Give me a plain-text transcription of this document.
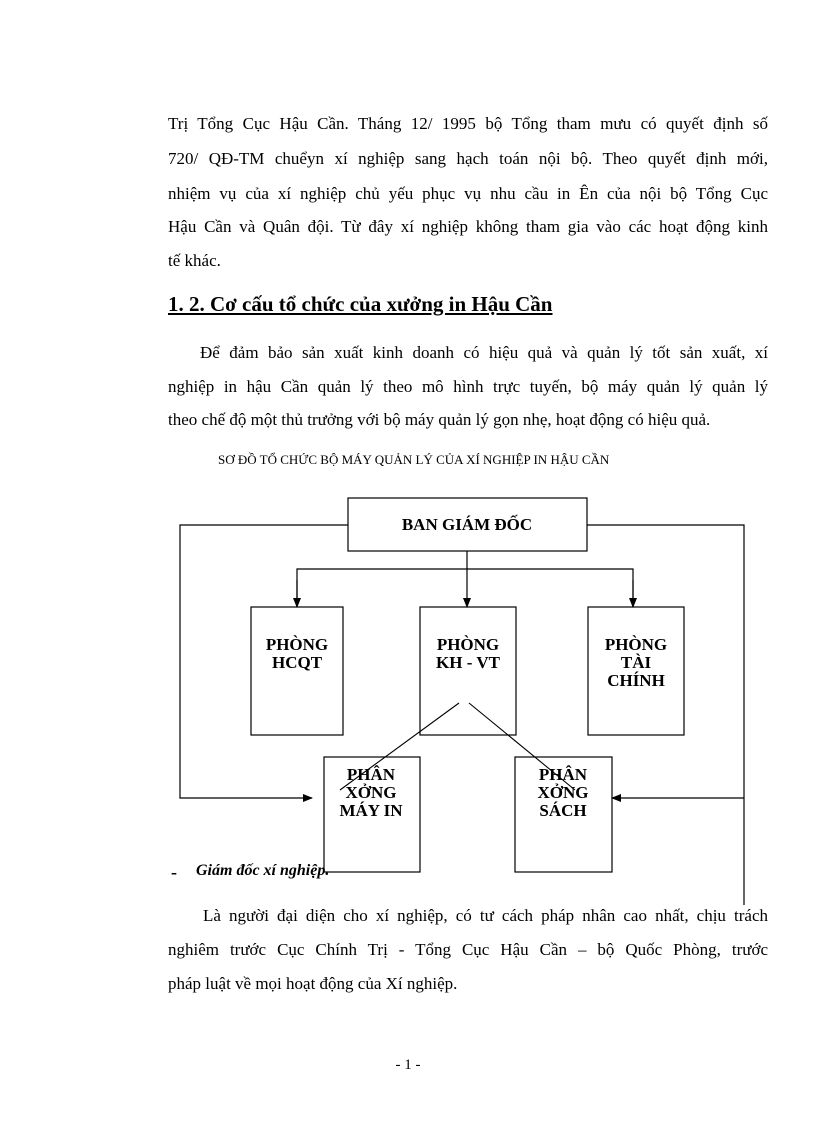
Trị Tổng Cục Hậu Cần. Tháng 12/ 1995 bộ Tổng tham mưu có quyết định số
720/ QĐ-TM chuểyn xí nghiệp sang hạch toán nội bộ. Theo quyết định mới,
nhiệm vụ của xí nghiệp chủ yếu phục vụ nhu cầu in Ên của nội bộ Tổng Cục
Hậu Cần và Quân đội. Từ đây xí nghiệp không tham gia vào các hoạt động kinh
tế khác.
1. 2. Cơ cấu tổ chức của xưởng in Hậu Cần
Để đảm bảo sản xuất kinh doanh có hiệu quả và quản lý tốt sản xuất, xí
nghiệp in hậu Cần quản lý theo mô hình trực tuyến, bộ máy quản lý quản lý
theo chế độ một thủ trưởng với bộ máy quản lý gọn nhẹ, hoạt động có hiệu quả.
SƠ ĐỒ TỔ CHỨC BỘ MÁY QUẢN LÝ CỦA XÍ NGHIỆP IN HẬU CẦN
BAN GIÁM ĐỐC
PHÒNG
HCQT
PHÒNG
KH - VT
PHÒNG
TÀI
CHÍNH
PHÂN
XỞNG
MÁY IN
PHÂN
XỞNG
SÁCH
- Giám đốc xí nghiệp.
Là người đại diện cho xí nghiệp, có tư cách pháp nhân cao nhất, chịu trách
nghiêm trước Cục Chính Trị - Tổng Cục Hậu Cần – bộ Quốc Phòng, trước
pháp luật về mọi hoạt động của Xí nghiệp.
- 1 -
